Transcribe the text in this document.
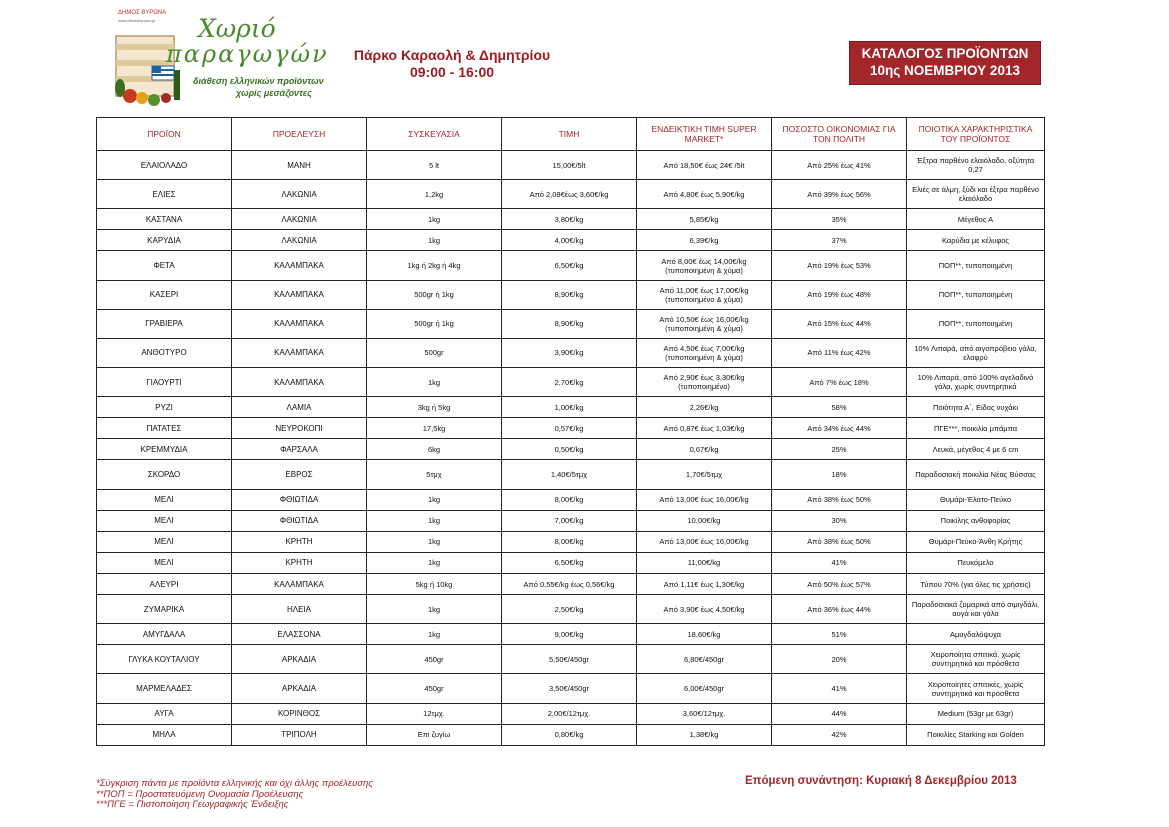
ΔΗΜΟΣ ΒΥΡΩΝΑ
www.dimosbyrona.gr Χωριό
παραγωγών
διάθεση ελληνικών προϊόντων
χωρίς μεσάζοντες
Πάρκο Καραολή & Δημητρίου
09:00 - 16:00
ΚΑΤΑΛΟΓΟΣ ΠΡΟΪΟΝΤΩΝ
10ης ΝΟΕΜΒΡΙΟΥ 2013
ΠΡΟΪΟΝ	ΠΡΟΕΛΕΥΣΗ	ΣΥΣΚΕΥΑΣΙΑ	ΤΙΜΗ	ΕΝΔΕΙΚΤΙΚΗ ΤΙΜΗ SUPER MARKET*	ΠΟΣΟΣΤΟ ΟΙΚΟΝΟΜΙΑΣ ΓΙΑ ΤΟΝ ΠΟΛΙΤΗ	ΠΟΙΟΤΙΚΑ ΧΑΡΑΚΤΗΡΙΣΤΙΚΑ ΤΟΥ ΠΡΟΪΟΝΤΟΣ
ΕΛΑΙΟΛΑΔΟ	ΜΑΝΗ	5 lt	15,00€/5lt	Από 18,50€ έως 24€ /5lt	Από 25% έως 41%	Έξτρα παρθένο ελαιόλαδο, οξύτητα 0,27
ΕΛΙΕΣ	ΛΑΚΩΝΙΑ	1,2kg	Από 2,08€έως 3,60€/kg	Από 4,80€ έως 5,90€/kg	Από 39% έως 56%	Ελιές σε άλμη, ξύδι και έξτρα παρθένο ελαιόλαδο
ΚΑΣΤΑΝΑ	ΛΑΚΩΝΙΑ	1kg	3,80€/kg	5,85€/kg	35%	Μέγεθος Α
ΚΑΡΥΔΙΑ	ΛΑΚΩΝΙΑ	1kg	4,00€/kg	6,39€/kg	37%	Καρύδια με κέλυφος
ΦΕΤΑ	ΚΑΛΑΜΠΑΚΑ	1kg ή 2kg ή 4kg	6,50€/kg	Από 8,00€ έως 14,00€/kg (τυποποιημένη & χύμα)	Από 19% έως 53%	ΠΟΠ**, τυποποιημένη
ΚΑΣΕΡΙ	ΚΑΛΑΜΠΑΚΑ	500gr ή 1kg	8,90€/kg	Από 11,00€ έως 17,00€/kg (τυποποιημένο & χύμα)	Από 19% έως 48%	ΠΟΠ**, τυποποιημένη
ΓΡΑΒΙΕΡΑ	ΚΑΛΑΜΠΑΚΑ	500gr ή 1kg	8,90€/kg	Από 10,50€ έως 16,00€/kg (τυποποιημένη & χύμα)	Από 15% έως 44%	ΠΟΠ**, τυποποιημένη
ΑΝΘΟΤΥΡΟ	ΚΑΛΑΜΠΑΚΑ	500gr	3,90€/kg	Από 4,50€ έως 7,00€/kg (τυποποιημένη & χύμα)	Από 11% έως 42%	10% Λιπαρά, από αιγοπρόβειο γάλα, ελαφρύ
ΓΙΑΟΥΡΤΙ	ΚΑΛΑΜΠΑΚΑ	1kg	2,70€/kg	Από 2,90€ έως 3,30€/kg (τυποποιημένο)	Από 7% έως 18%	10% Λιπαρά, από 100% αγελαδινό γάλα, χωρίς συντηρητικά
ΡΥΖΙ	ΛΑΜΙΑ	3kg ή 5kg	1,00€/kg	2,26€/kg	58%	Ποιότητα Α΄, Είδος νυχάκι
ΠΑΤΑΤΕΣ	ΝΕΥΡΟΚΟΠΙ	17,5kg	0,57€/kg	Από 0,87€ έως 1,03€/kg	Από 34% έως 44%	ΠΓΕ***, ποικιλία μπάμπα
ΚΡΕΜΜΥΔΙΑ	ΦΑΡΣΑΛΑ	6kg	0,50€/kg	0,67€/kg	25%	Λευκά, μέγεθος 4 με 6 cm
ΣΚΟΡΔΟ	ΕΒΡΟΣ	5τμχ	1,40€/5τμχ	1,70€/5τμχ	18%	Παραδοσιακή ποικιλία Νέας Βύσσας
ΜΕΛΙ	ΦΘΙΩΤΙΔΑ	1kg	8,00€/kg	Από 13,00€ έως 16,00€/kg	Από 38% έως 50%	Θυμάρι-Έλατο-Πεύκο
ΜΕΛΙ	ΦΘΙΩΤΙΔΑ	1kg	7,00€/kg	10,00€/kg	30%	Ποικίλης ανθοφορίας
ΜΕΛΙ	ΚΡΗΤΗ	1kg	8,00€/kg	Από 13,00€ έως 16,00€/kg	Από 38% έως 50%	Θυμάρι-Πεύκο-Άνθη Κρήτης
ΜΕΛΙ	ΚΡΗΤΗ	1kg	6,50€/kg	11,00€/kg	41%	Πευκόμελο
ΑΛΕΥΡΙ	ΚΑΛΑΜΠΑΚΑ	5kg ή 10kg	Από 0,55€/kg έως 0,56€/kg	Από 1,11€ έως 1,30€/kg	Από 50% έως 57%	Τύπου 70% (για όλες τις χρήσεις)
ΖΥΜΑΡΙΚΑ	ΗΛΕΙΑ	1kg	2,50€/kg	Από 3,90€ έως 4,50€/kg	Από 36% έως 44%	Παραδοσιακά ζυμαρικά από σιμιγδάλι, αυγά και γάλα
ΑΜΥΓΔΑΛΑ	ΕΛΑΣΣΟΝΑ	1kg	9,00€/kg	18,60€/kg	51%	Αμυγδαλόψυχα
ΓΛΥΚΑ ΚΟΥΤΑΛΙΟΥ	ΑΡΚΑΔΙΑ	450gr	5,50€/450gr	6,80€/450gr	20%	Χειροποίητα σπιτικά, χωρίς συντηρητικά και πρόσθετα
ΜΑΡΜΕΛΑΔΕΣ	ΑΡΚΑΔΙΑ	450gr	3,50€/450gr	6,00€/450gr	41%	Χειροποίητες σπιτικές, χωρίς συντηρητικά και πρόσθετα
ΑΥΓΑ	ΚΟΡΙΝΘΟΣ	12τμχ.	2,00€/12τμχ.	3,60€/12τμχ.	44%	Medium (53gr με 63gr)
ΜΗΛΑ	ΤΡΙΠΟΛΗ	Επί ζυγίω	0,80€/kg	1,38€/kg	42%	Ποικιλίες Starking και Golden
*Σύγκριση πάντα με προϊόντα ελληνικής και όχι άλλης προέλευσης
**ΠΟΠ = Προστατευόμενη Ονομασία Προέλευσης
***ΠΓΕ = Πιστοποίηση Γεωγραφικής Ένδειξης
Επόμενη συνάντηση: Κυριακή 8 Δεκεμβρίου 2013
